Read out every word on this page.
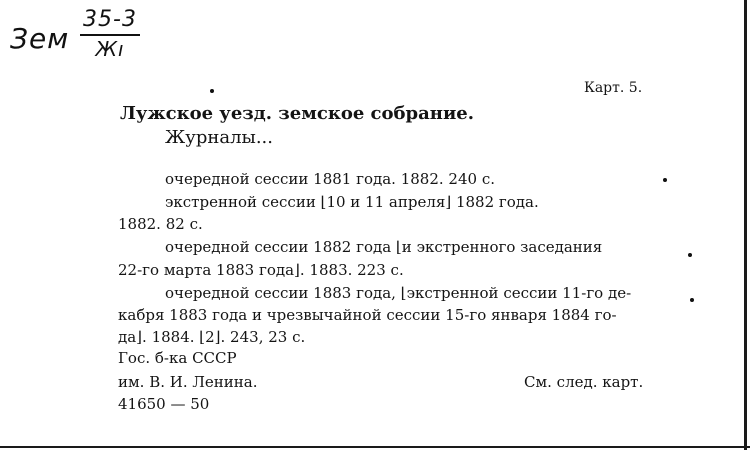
Зем
35-3
Жı
Карт. 5.
Лужское уезд. земское собрание.
Журналы...
очередной сессии 1881 года. 1882. 240 с.
экстренной сессии ⌊10 и 11 апреля⌋ 1882 года.
1882. 82 с.
очередной сессии 1882 года ⌊и экстренного заседания
22-го марта 1883 года⌋. 1883. 223 с.
очередной сессии 1883 года, ⌊экстренной сессии 11-го де-
кабря 1883 года и чрезвычайной сессии 15-го января 1884 го-
да⌋. 1884. ⌊2⌋. 243, 23 с.
Гос. б-ка СССР
им. В. И. Ленина.
41650 — 50
См. след. карт.
